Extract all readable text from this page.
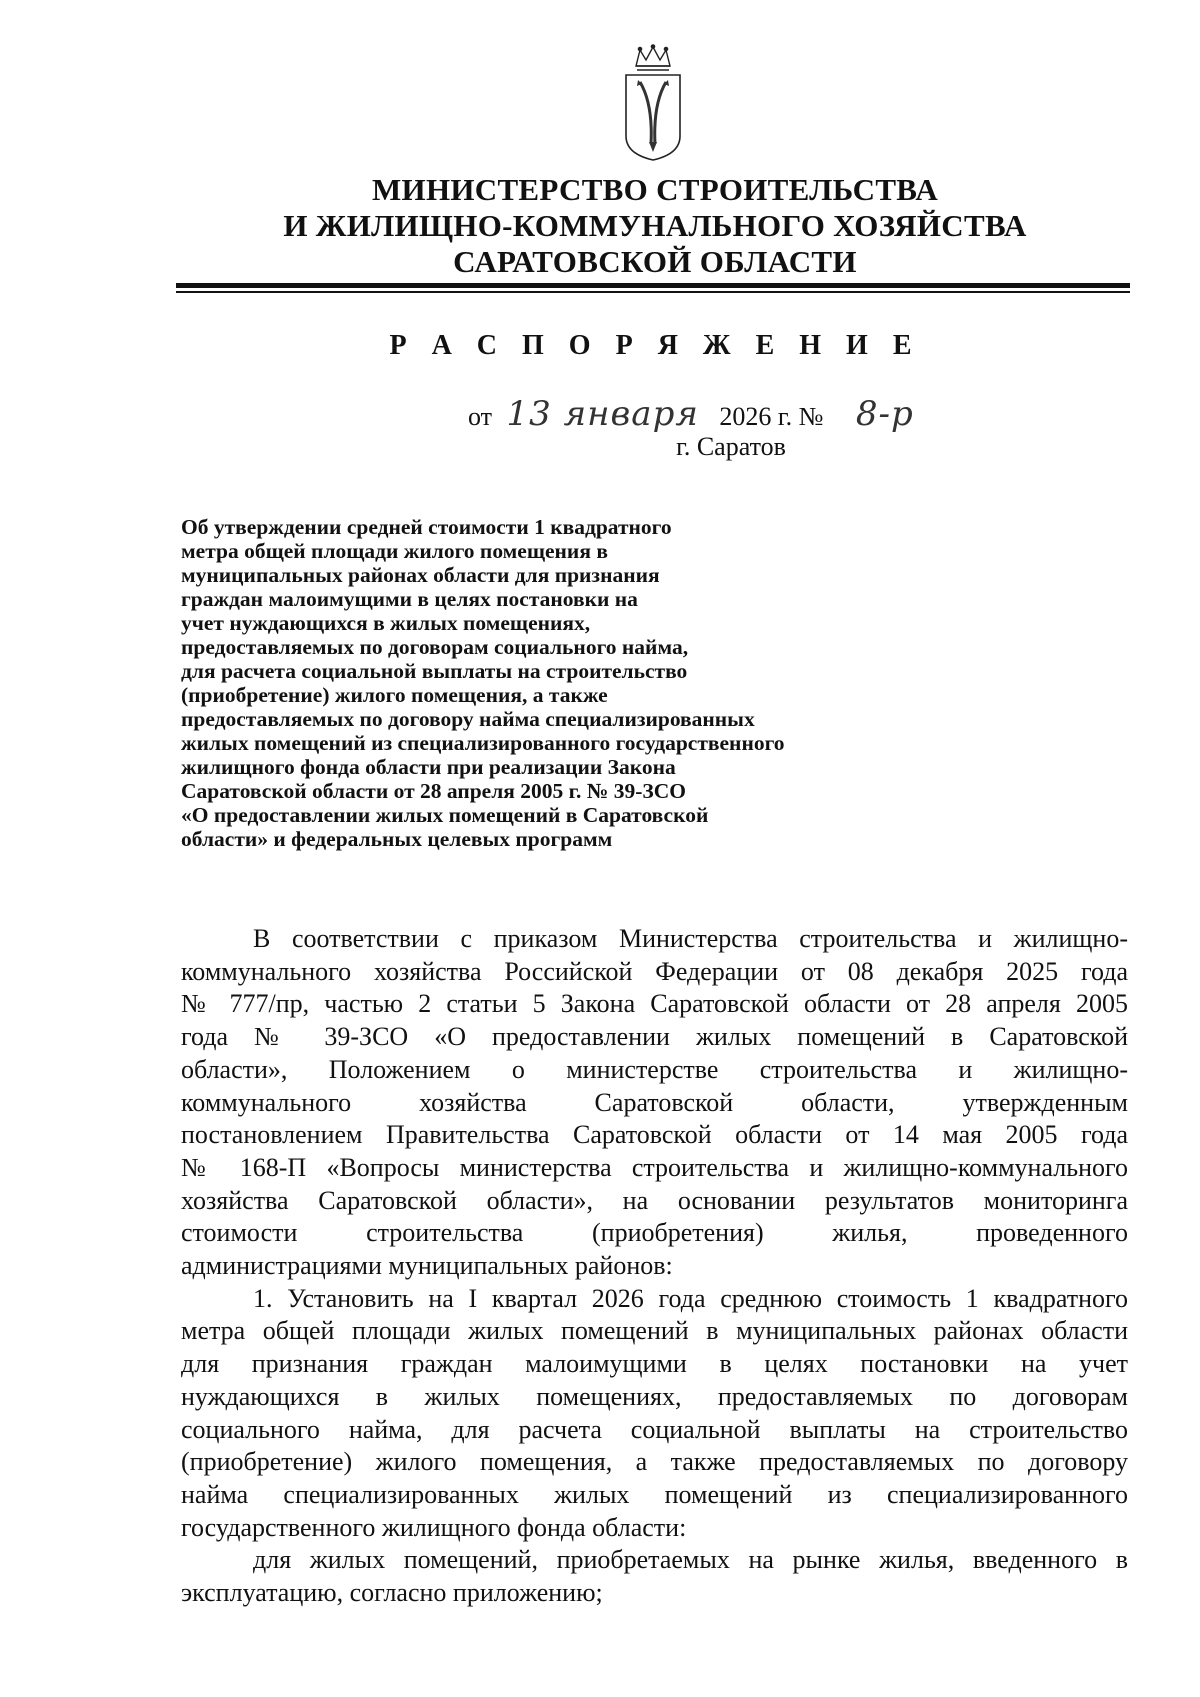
МИНИСТЕРСТВО СТРОИТЕЛЬСТВА
И ЖИЛИЩНО-КОММУНАЛЬНОГО ХОЗЯЙСТВА
САРАТОВСКОЙ ОБЛАСТИ
Р А С П О Р Я Ж Е Н И Е
от 13 января 2026 г. № 8-р
г. Саратов
Об утверждении средней стоимости 1 квадратного
метра общей площади жилого помещения в
муниципальных районах области для признания
граждан малоимущими в целях постановки на
учет нуждающихся в жилых помещениях,
предоставляемых по договорам социального найма,
для расчета социальной выплаты на строительство
(приобретение) жилого помещения, а также
предоставляемых по договору найма специализированных
жилых помещений из специализированного государственного
жилищного фонда области при реализации Закона
Саратовской области от 28 апреля 2005 г. № 39-ЗСО
«О предоставлении жилых помещений в Саратовской
области» и федеральных целевых программ
В соответствии с приказом Министерства строительства и жилищно-
коммунального хозяйства Российской Федерации от 08 декабря 2025 года
№ 777/пр, частью 2 статьи 5 Закона Саратовской области от 28 апреля 2005
года № 39-ЗСО «О предоставлении жилых помещений в Саратовской
области», Положением о министерстве строительства и жилищно-
коммунального хозяйства Саратовской области, утвержденным
постановлением Правительства Саратовской области от 14 мая 2005 года
№ 168-П «Вопросы министерства строительства и жилищно-коммунального
хозяйства Саратовской области», на основании результатов мониторинга
стоимости строительства (приобретения) жилья, проведенного
администрациями муниципальных районов:
1. Установить на I квартал 2026 года среднюю стоимость 1 квадратного
метра общей площади жилых помещений в муниципальных районах области
для признания граждан малоимущими в целях постановки на учет
нуждающихся в жилых помещениях, предоставляемых по договорам
социального найма, для расчета социальной выплаты на строительство
(приобретение) жилого помещения, а также предоставляемых по договору
найма специализированных жилых помещений из специализированного
государственного жилищного фонда области:
для жилых помещений, приобретаемых на рынке жилья, введенного в
эксплуатацию, согласно приложению;
